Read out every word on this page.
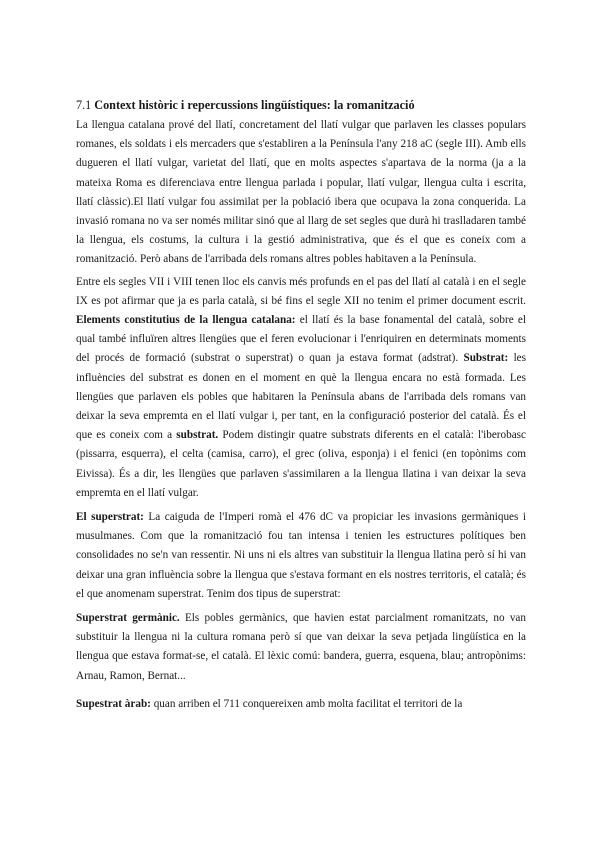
7.1 Context històric i repercussions lingüístiques: la romanització

La llengua catalana prové del llatí, concretament del llatí vulgar que parlaven les classes populars romanes, els soldats i els mercaders que s'establiren a la Península l'any 218 aC (segle III). Amb ells dugueren el llatí vulgar, varietat del llatí, que en molts aspectes s'apartava de la norma (ja a la mateixa Roma es diferenciava entre llengua parlada i popular, llatí vulgar, llengua culta i escrita, llatí clàssic).El llatí vulgar fou assimilat per la població ibera que ocupava la zona conquerida. La invasió romana no va ser només militar sinó que al llarg de set segles que durà hi traslladaren també la llengua, els costums, la cultura i la gestió administrativa, que és el que es coneix com a romanització. Però abans de l'arribada dels romans altres pobles habitaven a la Península.

Entre els segles VII i VIII tenen lloc els canvis més profunds en el pas del llatí al català i en el segle IX es pot afirmar que ja es parla català, si bé fins el segle XII no tenim el primer document escrit. Elements constitutius de la llengua catalana: el llatí és la base fonamental del català, sobre el qual també influïren altres llengües que el feren evolucionar i l'enriquiren en determinats moments del procés de formació (substrat o superstrat) o quan ja estava format (adstrat). Substrat: les influències del substrat es donen en el moment en què la llengua encara no està formada. Les llengües que parlaven els pobles que habitaren la Península abans de l'arribada dels romans van deixar la seva empremta en el llatí vulgar i, per tant, en la configuració posterior del català. És el que es coneix com a substrat. Podem distingir quatre substrats diferents en el català: l'iberobasc (pissarra, esquerra), el celta (camisa, carro), el grec (oliva, esponja) i el fenici (en topònims com Eivissa). És a dir, les llengües que parlaven s'assimilaren a la llengua llatina i van deixar la seva empremta en el llatí vulgar.

El superstrat: La caiguda de l'Imperi romà el 476 dC va propiciar les invasions germàniques i musulmanes. Com que la romanització fou tan intensa i tenien les estructures polítiques ben consolidades no se'n van ressentir. Ni uns ni els altres van substituir la llengua llatina però sí hi van deixar una gran influència sobre la llengua que s'estava formant en els nostres territoris, el català; és el que anomenam superstrat. Tenim dos tipus de superstrat:

Superstrat germànic. Els pobles germànics, que havien estat parcialment romanitzats, no van substituir la llengua ni la cultura romana però sí que van deixar la seva petjada lingüística en la llengua que estava format-se, el català. El lèxic comú: bandera, guerra, esquena, blau; antropònims: Arnau, Ramon, Bernat...

Supestrat àrab: quan arriben el 711 conquereixen amb molta facilitat el territori de la
